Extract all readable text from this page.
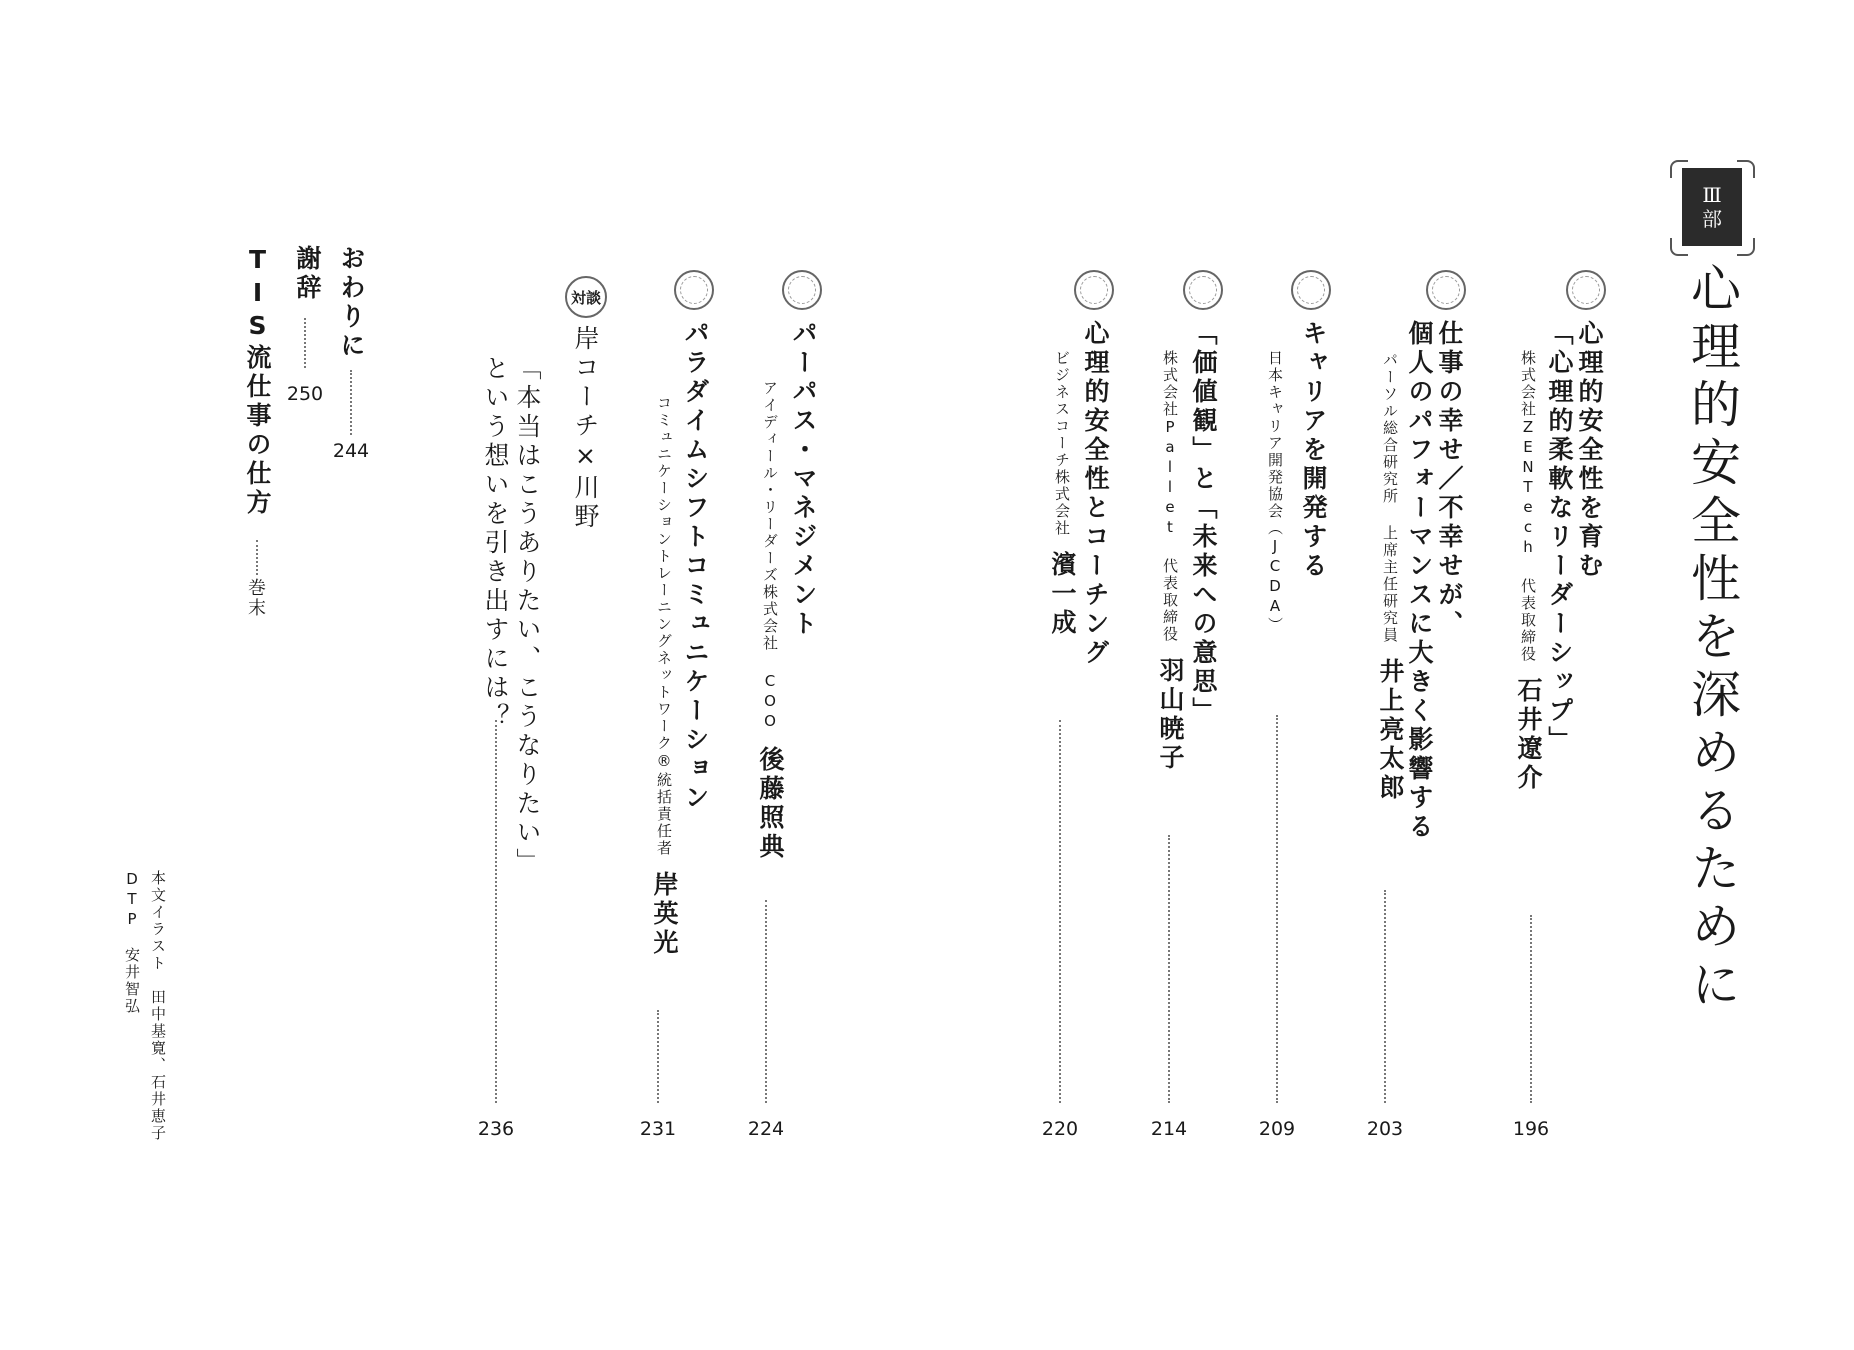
Ⅲ
部
心理的安全性を深めるために
心理的安全性を育む
「心理的柔軟なリーダーシップ」
株式会社ZENTech 代表取締役石井遼介
196
仕事の幸せ／不幸せが、
個人のパフォーマンスに大きく影響する
パーソル総合研究所 上席主任研究員井上亮太郎
203
キャリアを開発する
日本キャリア開発協会（JCDA）
209
「価値観」と「未来への意思」
株式会社Pallet 代表取締役羽山暁子
214
心理的安全性とコーチング
ビジネスコーチ株式会社濱一成
220
パーパス・マネジメント
アイディール・リーダーズ株式会社 COO後藤照典
224
パラダイムシフトコミュニケーション
コミュニケーショントレーニングネットワーク®統括責任者岸英光
231
対談
岸コーチ×川野
「本当はこうありたい、こうなりたい」
という想いを引き出すには？
236
おわりに
244
謝辞
250
TIS流仕事の仕方
巻末
本文イラスト　田中基寛、石井恵子
DTP　安井智弘
